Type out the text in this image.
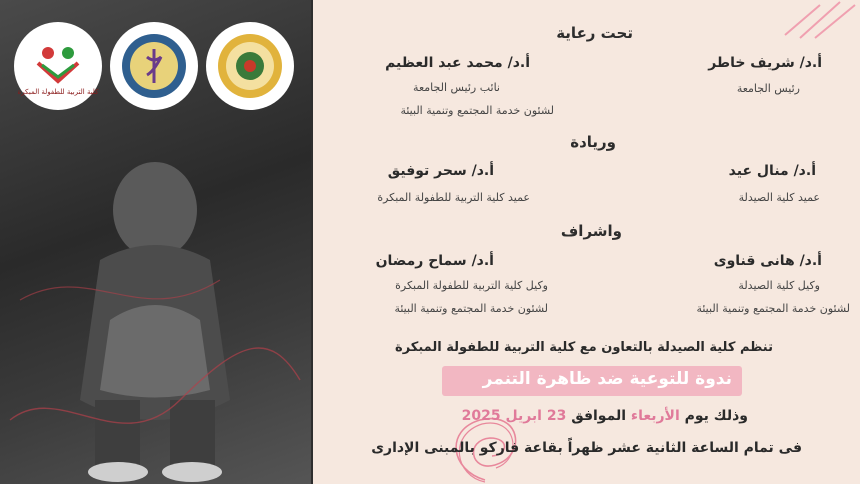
كلية التربية للطفولة المبكرة
تحت رعاية
أ.د/ شريف خاطر
رئيس الجامعة
أ.د/ محمد عبد العظيم
نائب رئيس الجامعة
لشئون خدمة المجتمع وتنمية البيئة
وريادة
أ.د/ منال عيد
عميد كلية الصيدلة
أ.د/ سحر توفيق
عميد كلية التربية للطفولة المبكرة
واشراف
أ.د/ هانى قناوى
وكيل كلية الصيدلة
لشئون خدمة المجتمع وتنمية البيئة
أ.د/ سماح رمضان
وكيل كلية التربية للطفولة المبكرة
لشئون خدمة المجتمع وتنمية البيئة
تنظم كلية الصيدلة بالتعاون مع كلية التربية للطفولة المبكرة
ندوة للتوعية ضد ظاهرة التنمر
وذلك يوم الأربعاء الموافق 23 ابريل 2025
فى تمام الساعة الثانية عشر ظهراً بقاعة فاركو بالمبنى الإدارى
